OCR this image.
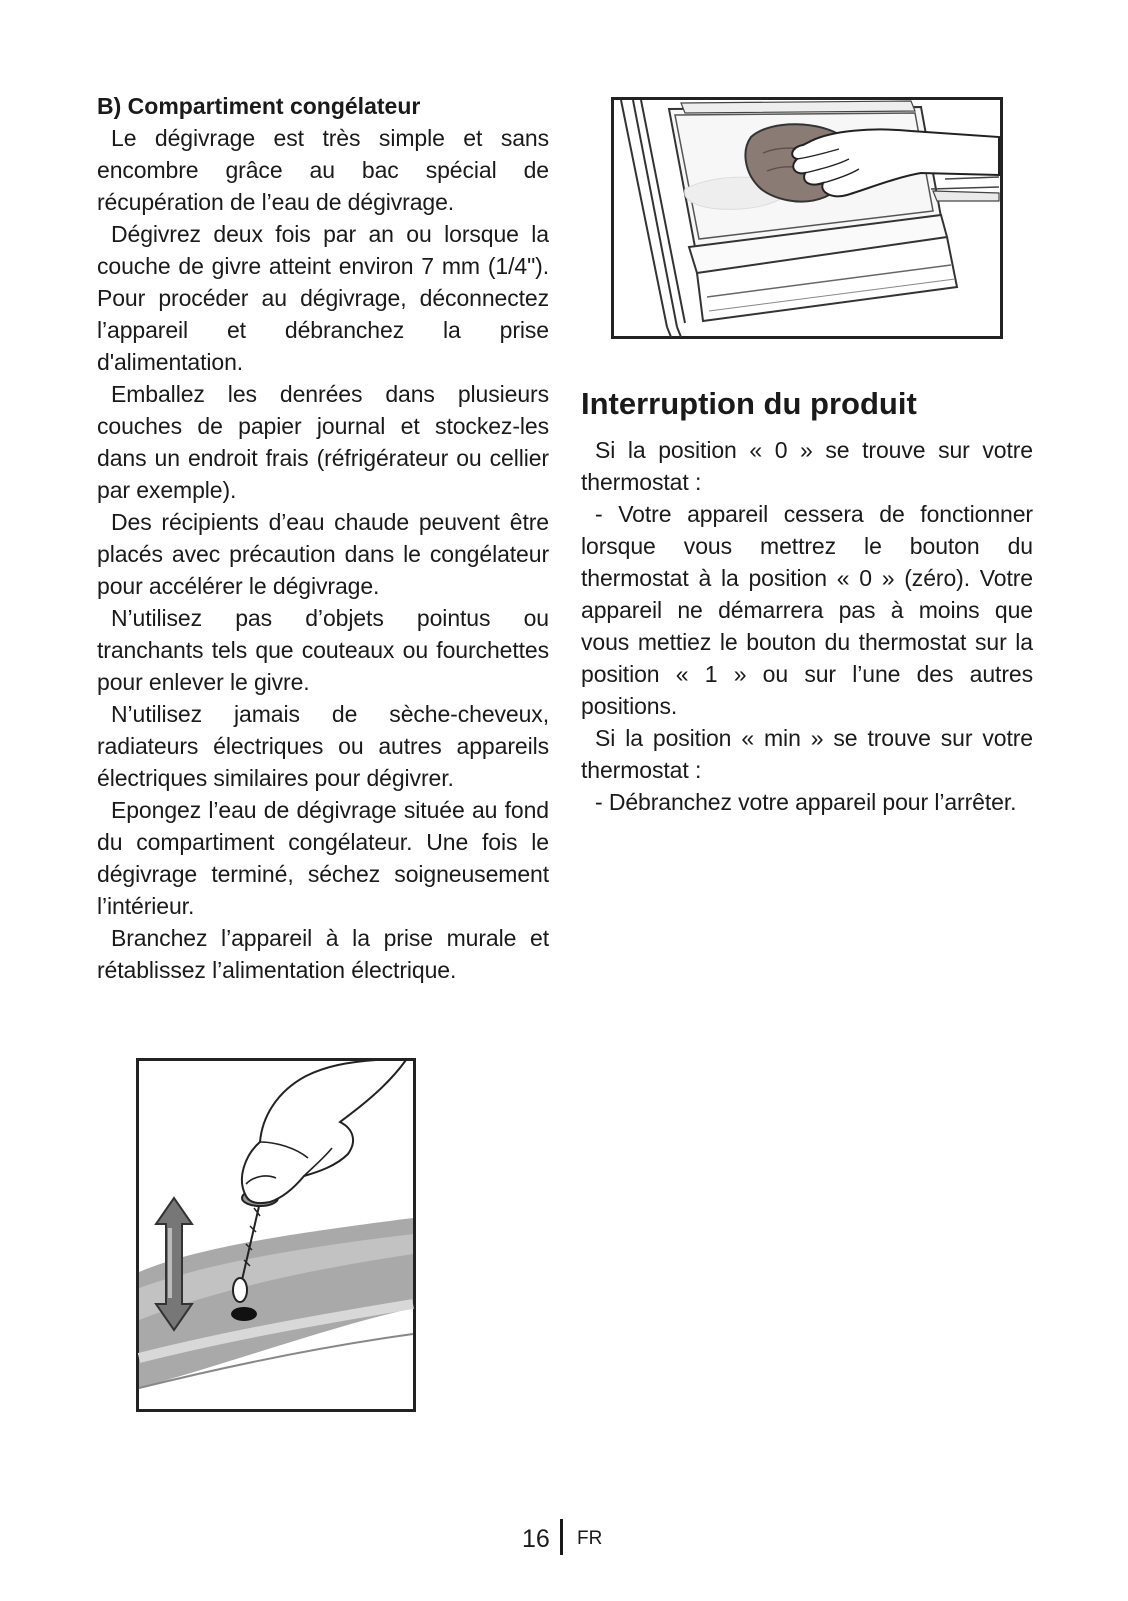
B) Compartiment congélateur

Le dégivrage est très simple et sans encombre grâce au bac spécial de récupération de l’eau de dégivrage.

Dégivrez deux fois par an ou lorsque la couche de givre atteint environ 7 mm (1/4"). Pour procéder au dégivrage, déconnectez l’appareil et débranchez la prise d'alimentation.

Emballez les denrées dans plusieurs couches de papier journal et stockez-les dans un endroit frais (réfrigérateur ou cellier par exemple).

Des récipients d’eau chaude peuvent être placés avec précaution dans le congélateur pour accélérer le dégivrage.

N’utilisez pas d’objets pointus ou tranchants tels que couteaux ou fourchettes pour enlever le givre.

N’utilisez jamais de sèche-cheveux, radiateurs électriques ou autres appareils électriques similaires pour dégivrer.

Epongez l’eau de dégivrage située au fond du compartiment congélateur. Une fois le dégivrage terminé, séchez soigneusement l’intérieur.

Branchez l’appareil à la prise murale et rétablissez l’alimentation électrique.

Interruption du produit

Si la position « 0 » se trouve sur votre thermostat :

- Votre appareil cessera de fonctionner lorsque vous mettrez le bouton du thermostat à la position « 0 » (zéro). Votre appareil ne démarrera pas à moins que vous mettiez le bouton du thermostat sur la position « 1 » ou sur l’une des autres positions.

Si la position « min » se trouve sur votre thermostat :

- Débranchez votre appareil pour l’arrêter.

16 FR
